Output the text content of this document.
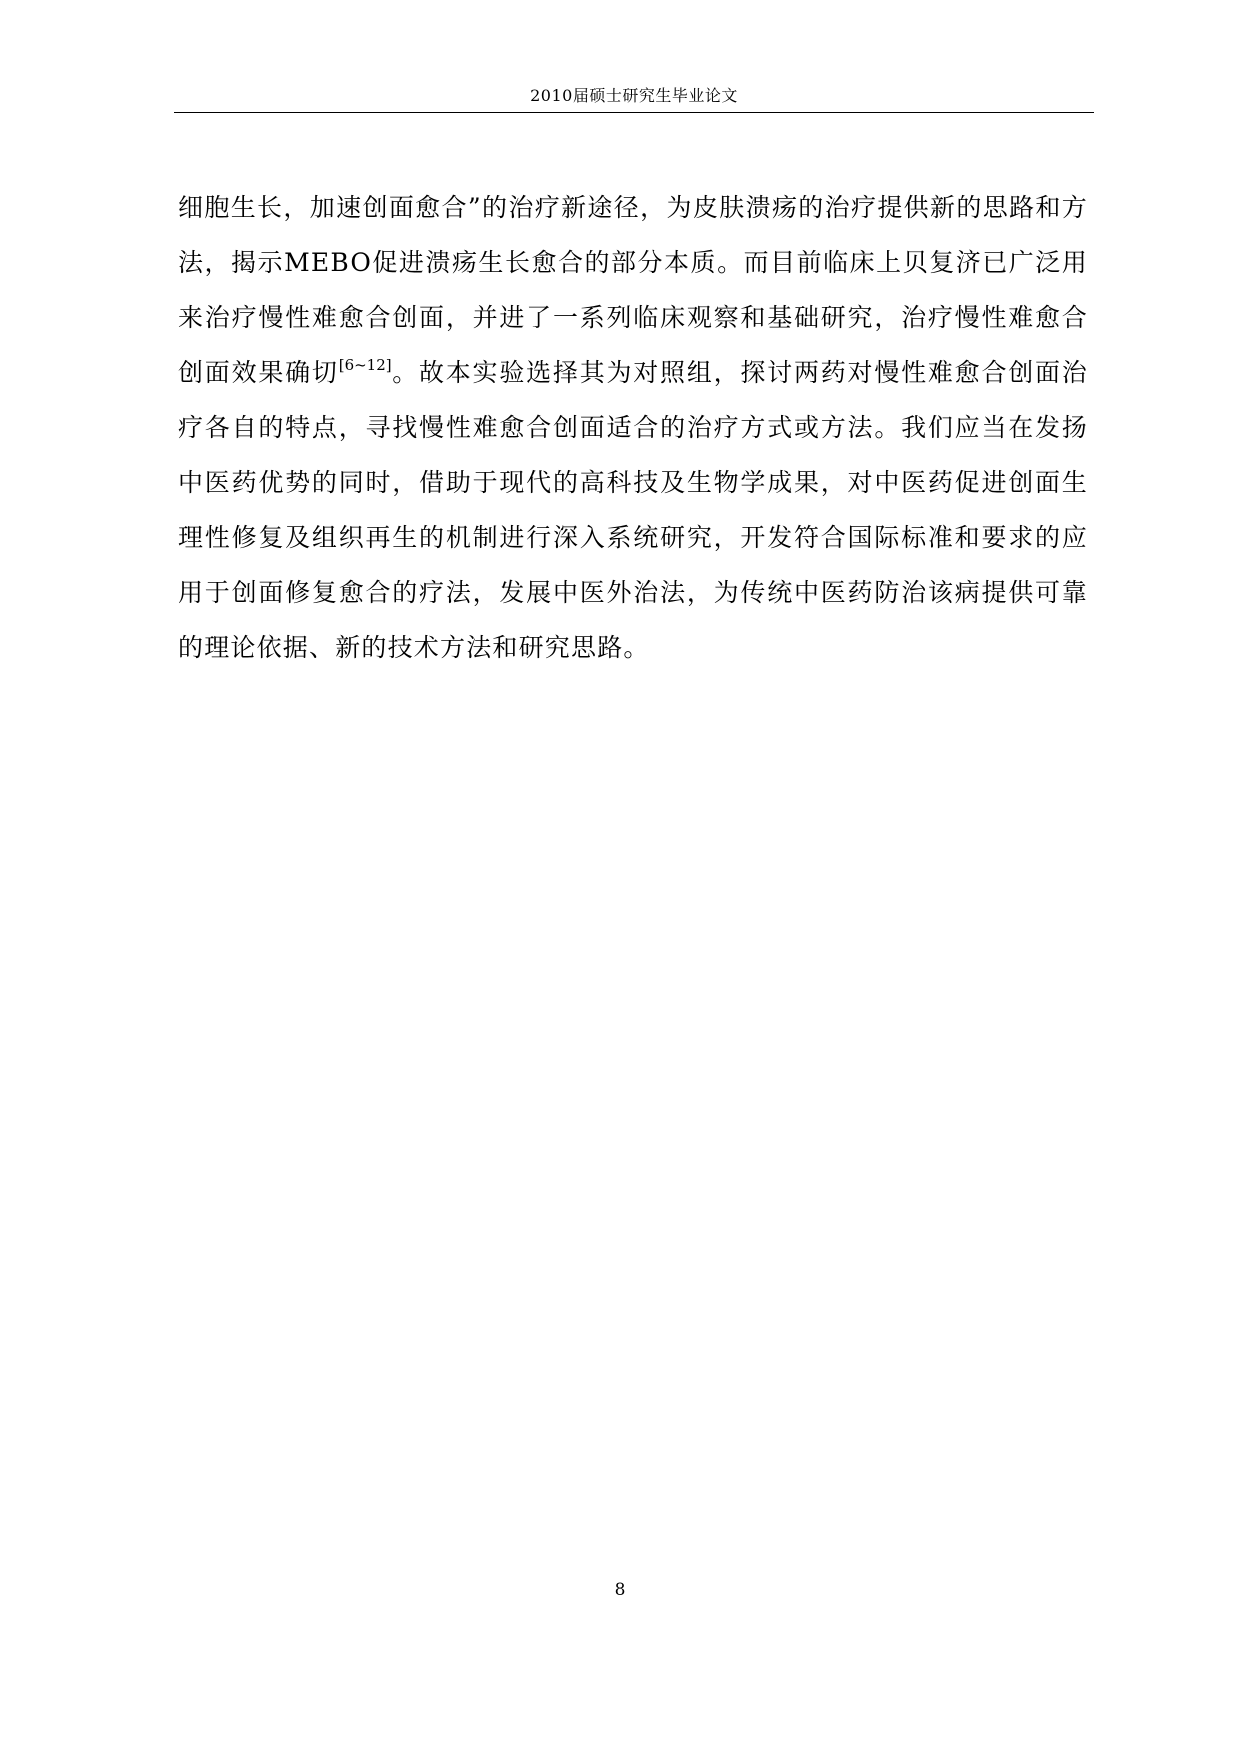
2010届硕士研究生毕业论文

细胞生长，加速创面愈合”的治疗新途径，为皮肤溃疡的治疗提供新的思路和方法，揭示MEBO促进溃疡生长愈合的部分本质。而目前临床上贝复济已广泛用来治疗慢性难愈合创面，并进了一系列临床观察和基础研究，治疗慢性难愈合创面效果确切[6~12]。故本实验选择其为对照组，探讨两药对慢性难愈合创面治疗各自的特点，寻找慢性难愈合创面适合的治疗方式或方法。我们应当在发扬中医药优势的同时，借助于现代的高科技及生物学成果，对中医药促进创面生理性修复及组织再生的机制进行深入系统研究，开发符合国际标准和要求的应用于创面修复愈合的疗法，发展中医外治法，为传统中医药防治该病提供可靠的理论依据、新的技术方法和研究思路。

8
